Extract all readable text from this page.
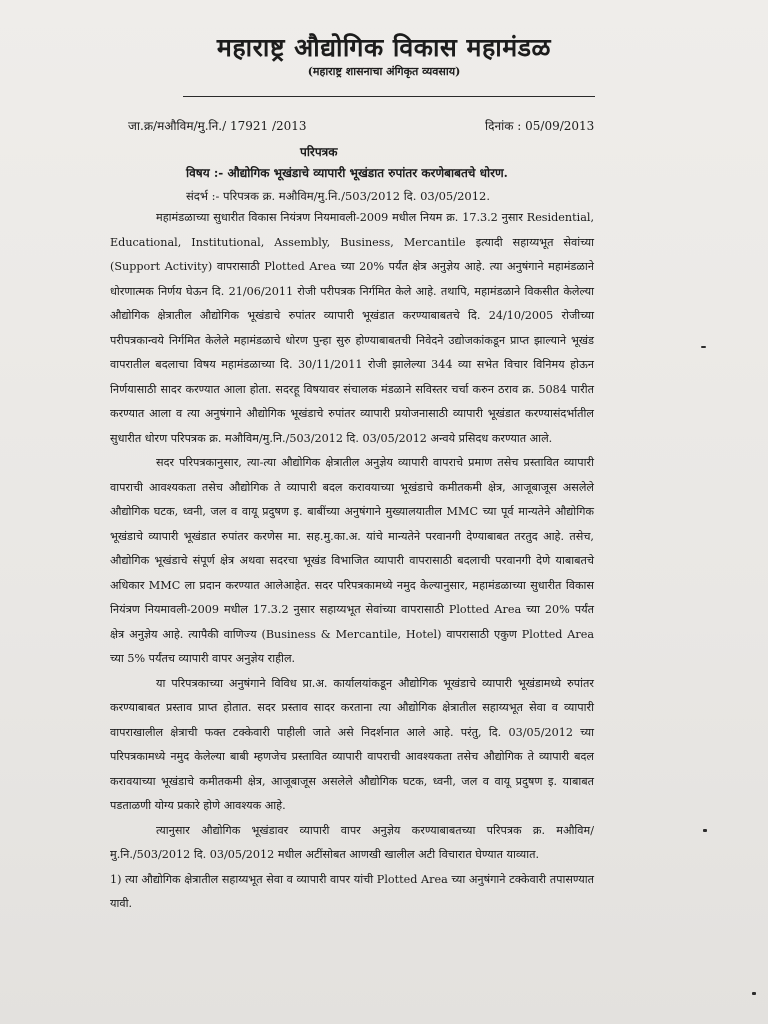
महाराष्ट्र औद्योगिक विकास महामंडळ
(महाराष्ट्र शासनाचा अंगिकृत व्यवसाय)
जा.क्र/मऔविम/मु.नि./ 17921 /2013	दिनांक : 05/09/2013
परिपत्रक
विषय :- औद्योगिक भूखंडाचे व्यापारी भूखंडात रुपांतर करणेबाबतचे धोरण.
संदर्भ :- परिपत्रक क्र. मऔविम/मु.नि./503/2012 दि. 03/05/2012.

महामंडळाच्या सुधारीत विकास नियंत्रण नियमावली-2009 मधील नियम क्र. 17.3.2 नुसार Residential, Educational, Institutional, Assembly, Business, Mercantile इत्यादी सहाय्यभूत सेवांच्या (Support Activity) वापरासाठी Plotted Area च्या 20% पर्यंत क्षेत्र अनुज्ञेय आहे. त्या अनुषंगाने महामंडळाने धोरणात्मक निर्णय घेऊन दि. 21/06/2011 रोजी परीपत्रक निर्गमित केले आहे. तथापि, महामंडळाने विकसीत केलेल्या औद्योगिक क्षेत्रातील औद्योगिक भूखंडाचे रुपांतर व्यापारी भूखंडात करण्याबाबतचे दि. 24/10/2005 रोजीच्या परीपत्रकान्वये निर्गमित केलेले महामंडळाचे धोरण पुन्हा सुरु होण्याबाबतची निवेदने उद्योजकांकडून प्राप्त झाल्याने भूखंड वापरातील बदलाचा विषय महामंडळाच्या दि. 30/11/2011 रोजी झालेल्या 344 व्या सभेत विचार विनिमय होऊन निर्णयासाठी सादर करण्यात आला होता. सदरहू विषयावर संचालक मंडळाने सविस्तर चर्चा करुन ठराव क्र. 5084 पारीत करण्यात आला व त्या अनुषंगाने औद्योगिक भूखंडाचे रुपांतर व्यापारी प्रयोजनासाठी व्यापारी भूखंडात करण्यासंदर्भातील सुधारीत धोरण परिपत्रक क्र. मऔविम/मु.नि./503/2012 दि. 03/05/2012 अन्वये प्रसिदध करण्यात आले.

सदर परिपत्रकानुसार, त्या-त्या औद्योगिक क्षेत्रातील अनुज्ञेय व्यापारी वापराचे प्रमाण तसेच प्रस्तावित व्यापारी वापराची आवश्यकता तसेच औद्योगिक ते व्यापारी बदल करावयाच्या भूखंडाचे कमीतकमी क्षेत्र, आजूबाजूस असलेले औद्योगिक घटक, ध्वनी, जल व वायू प्रदुषण इ. बाबींच्या अनुषंगाने मुख्यालयातील MMC च्या पूर्व मान्यतेने औद्योगिक भूखंडाचे व्यापारी भूखंडात रुपांतर करणेस मा. सह.मु.का.अ. यांचे मान्यतेने परवानगी देण्याबाबत तरतुद आहे. तसेच, औद्योगिक भूखंडाचे संपूर्ण क्षेत्र अथवा सदरचा भूखंड विभाजित व्यापारी वापरासाठी बदलाची परवानगी देणे याबाबतचे अधिकार MMC ला प्रदान करण्यात आलेआहेत. सदर परिपत्रकामध्ये नमुद केल्यानुसार, महामंडळाच्या सुधारीत विकास नियंत्रण नियमावली-2009 मधील 17.3.2 नुसार सहाय्यभूत सेवांच्या वापरासाठी Plotted Area च्या 20% पर्यंत क्षेत्र अनुज्ञेय आहे. त्यापैकी वाणिज्य (Business & Mercantile, Hotel) वापरासाठी एकुण Plotted Area च्या 5% पर्यंतच व्यापारी वापर अनुज्ञेय राहील.

या परिपत्रकाच्या अनुषंगाने विविध प्रा.अ. कार्यालयांकडून औद्योगिक भूखंडाचे व्यापारी भूखंडामध्ये रुपांतर करण्याबाबत प्रस्ताव प्राप्त होतात. सदर प्रस्ताव सादर करताना त्या औद्योगिक क्षेत्रातील सहाय्यभूत सेवा व व्यापारी वापराखालील क्षेत्राची फक्त टक्केवारी पाहीली जाते असे निदर्शनात आले आहे. परंतु, दि. 03/05/2012 च्या परिपत्रकामध्ये नमुद केलेल्या बाबी म्हणजेच प्रस्तावित व्यापारी वापराची आवश्यकता तसेच औद्योगिक ते व्यापारी बदल करावयाच्या भूखंडाचे कमीतकमी क्षेत्र, आजूबाजूस असलेले औद्योगिक घटक, ध्वनी, जल व वायू प्रदुषण इ. याबाबत पडताळणी योग्य प्रकारे होणे आवश्यक आहे.

त्यानुसार औद्योगिक भूखंडावर व्यापारी वापर अनुज्ञेय करण्याबाबतच्या परिपत्रक क्र. मऔविम/मु.नि./503/2012 दि. 03/05/2012 मधील अटींसोबत आणखी खालील अटी विचारात घेण्यात याव्यात.

1) त्या औद्योगिक क्षेत्रातील सहाय्यभूत सेवा व व्यापारी वापर यांची Plotted Area च्या अनुषंगाने टक्केवारी तपासण्यात यावी.
